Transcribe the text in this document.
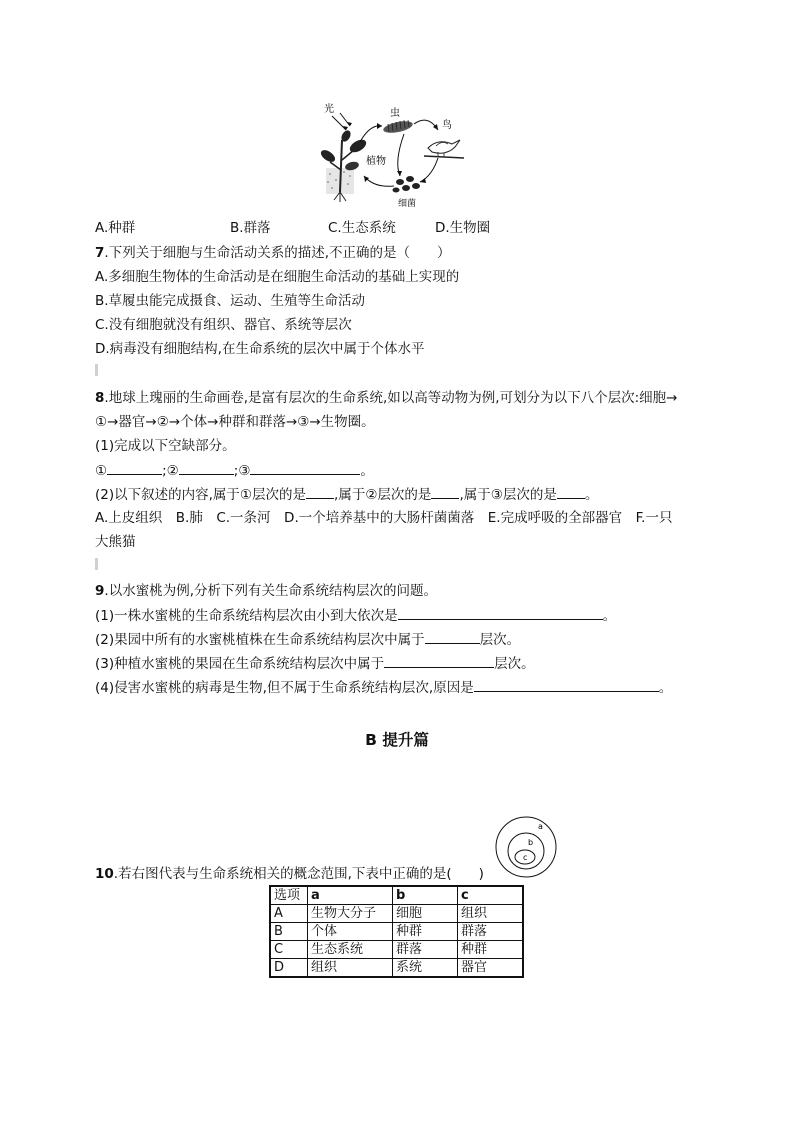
光
植物
虫
鸟
细菌
A.种群	B.群落	C.生态系统	D.生物圈
7.下列关于细胞与生命活动关系的描述,不正确的是（　　）
A.多细胞生物体的生命活动是在细胞生命活动的基础上实现的
B.草履虫能完成摄食、运动、生殖等生命活动
C.没有细胞就没有组织、器官、系统等层次
D.病毒没有细胞结构,在生命系统的层次中属于个体水平
8.地球上瑰丽的生命画卷,是富有层次的生命系统,如以高等动物为例,可划分为以下八个层次:细胞→
①→器官→②→个体→种群和群落→③→生物圈。
(1)完成以下空缺部分。
①	;②	;③	。
(2)以下叙述的内容,属于①层次的是 ,属于②层次的是 ,属于③层次的是 。
A.上皮组织　B.肺　C.一条河　D.一个培养基中的大肠杆菌菌落　E.完成呼吸的全部器官　F.一只
大熊猫
9.以水蜜桃为例,分析下列有关生命系统结构层次的问题。
(1)一株水蜜桃的生命系统结构层次由小到大依次是	。
(2)果园中所有的水蜜桃植株在生命系统结构层次中属于	层次。
(3)种植水蜜桃的果园在生命系统结构层次中属于	层次。
(4)侵害水蜜桃的病毒是生物,但不属于生命系统结构层次,原因是	。
B 提升篇
a
b
c
10.若右图代表与生命系统相关的概念范围,下表中正确的是(　　)
选项	a	b	c
A	生物大分子	细胞	组织
B	个体	种群	群落
C	生态系统	群落	种群
D	组织	系统	器官
